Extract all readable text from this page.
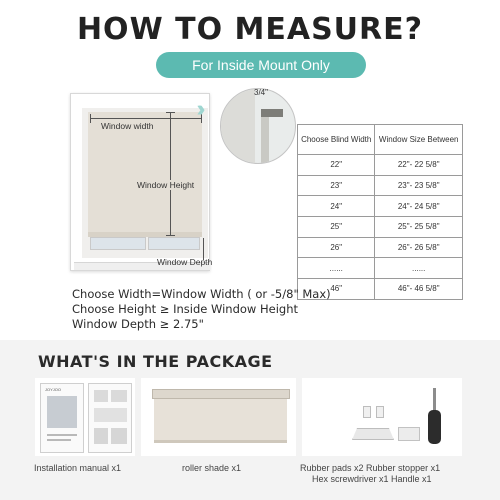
HOW TO MEASURE?
For Inside Mount Only
Window width
Window Height
Window Depth
3/4"
Choose Blind Width	Window Size Between
22"	22"- 22 5/8"
23"	23"- 23 5/8"
24"	24"- 24 5/8"
25"	25"- 25 5/8"
26"	26"- 26 5/8"
......	......
46"	46"- 46 5/8"
Choose Width=Window Width ( or -5/8" Max)
Choose Height ≥ Inside Window Height
Window Depth ≥ 2.75"
WHAT'S IN THE PACKAGE
JOYJOO
Installation manual x1	roller shade x1	Rubber pads x2 Rubber stopper x1
Hex screwdriver x1 Handle x1
